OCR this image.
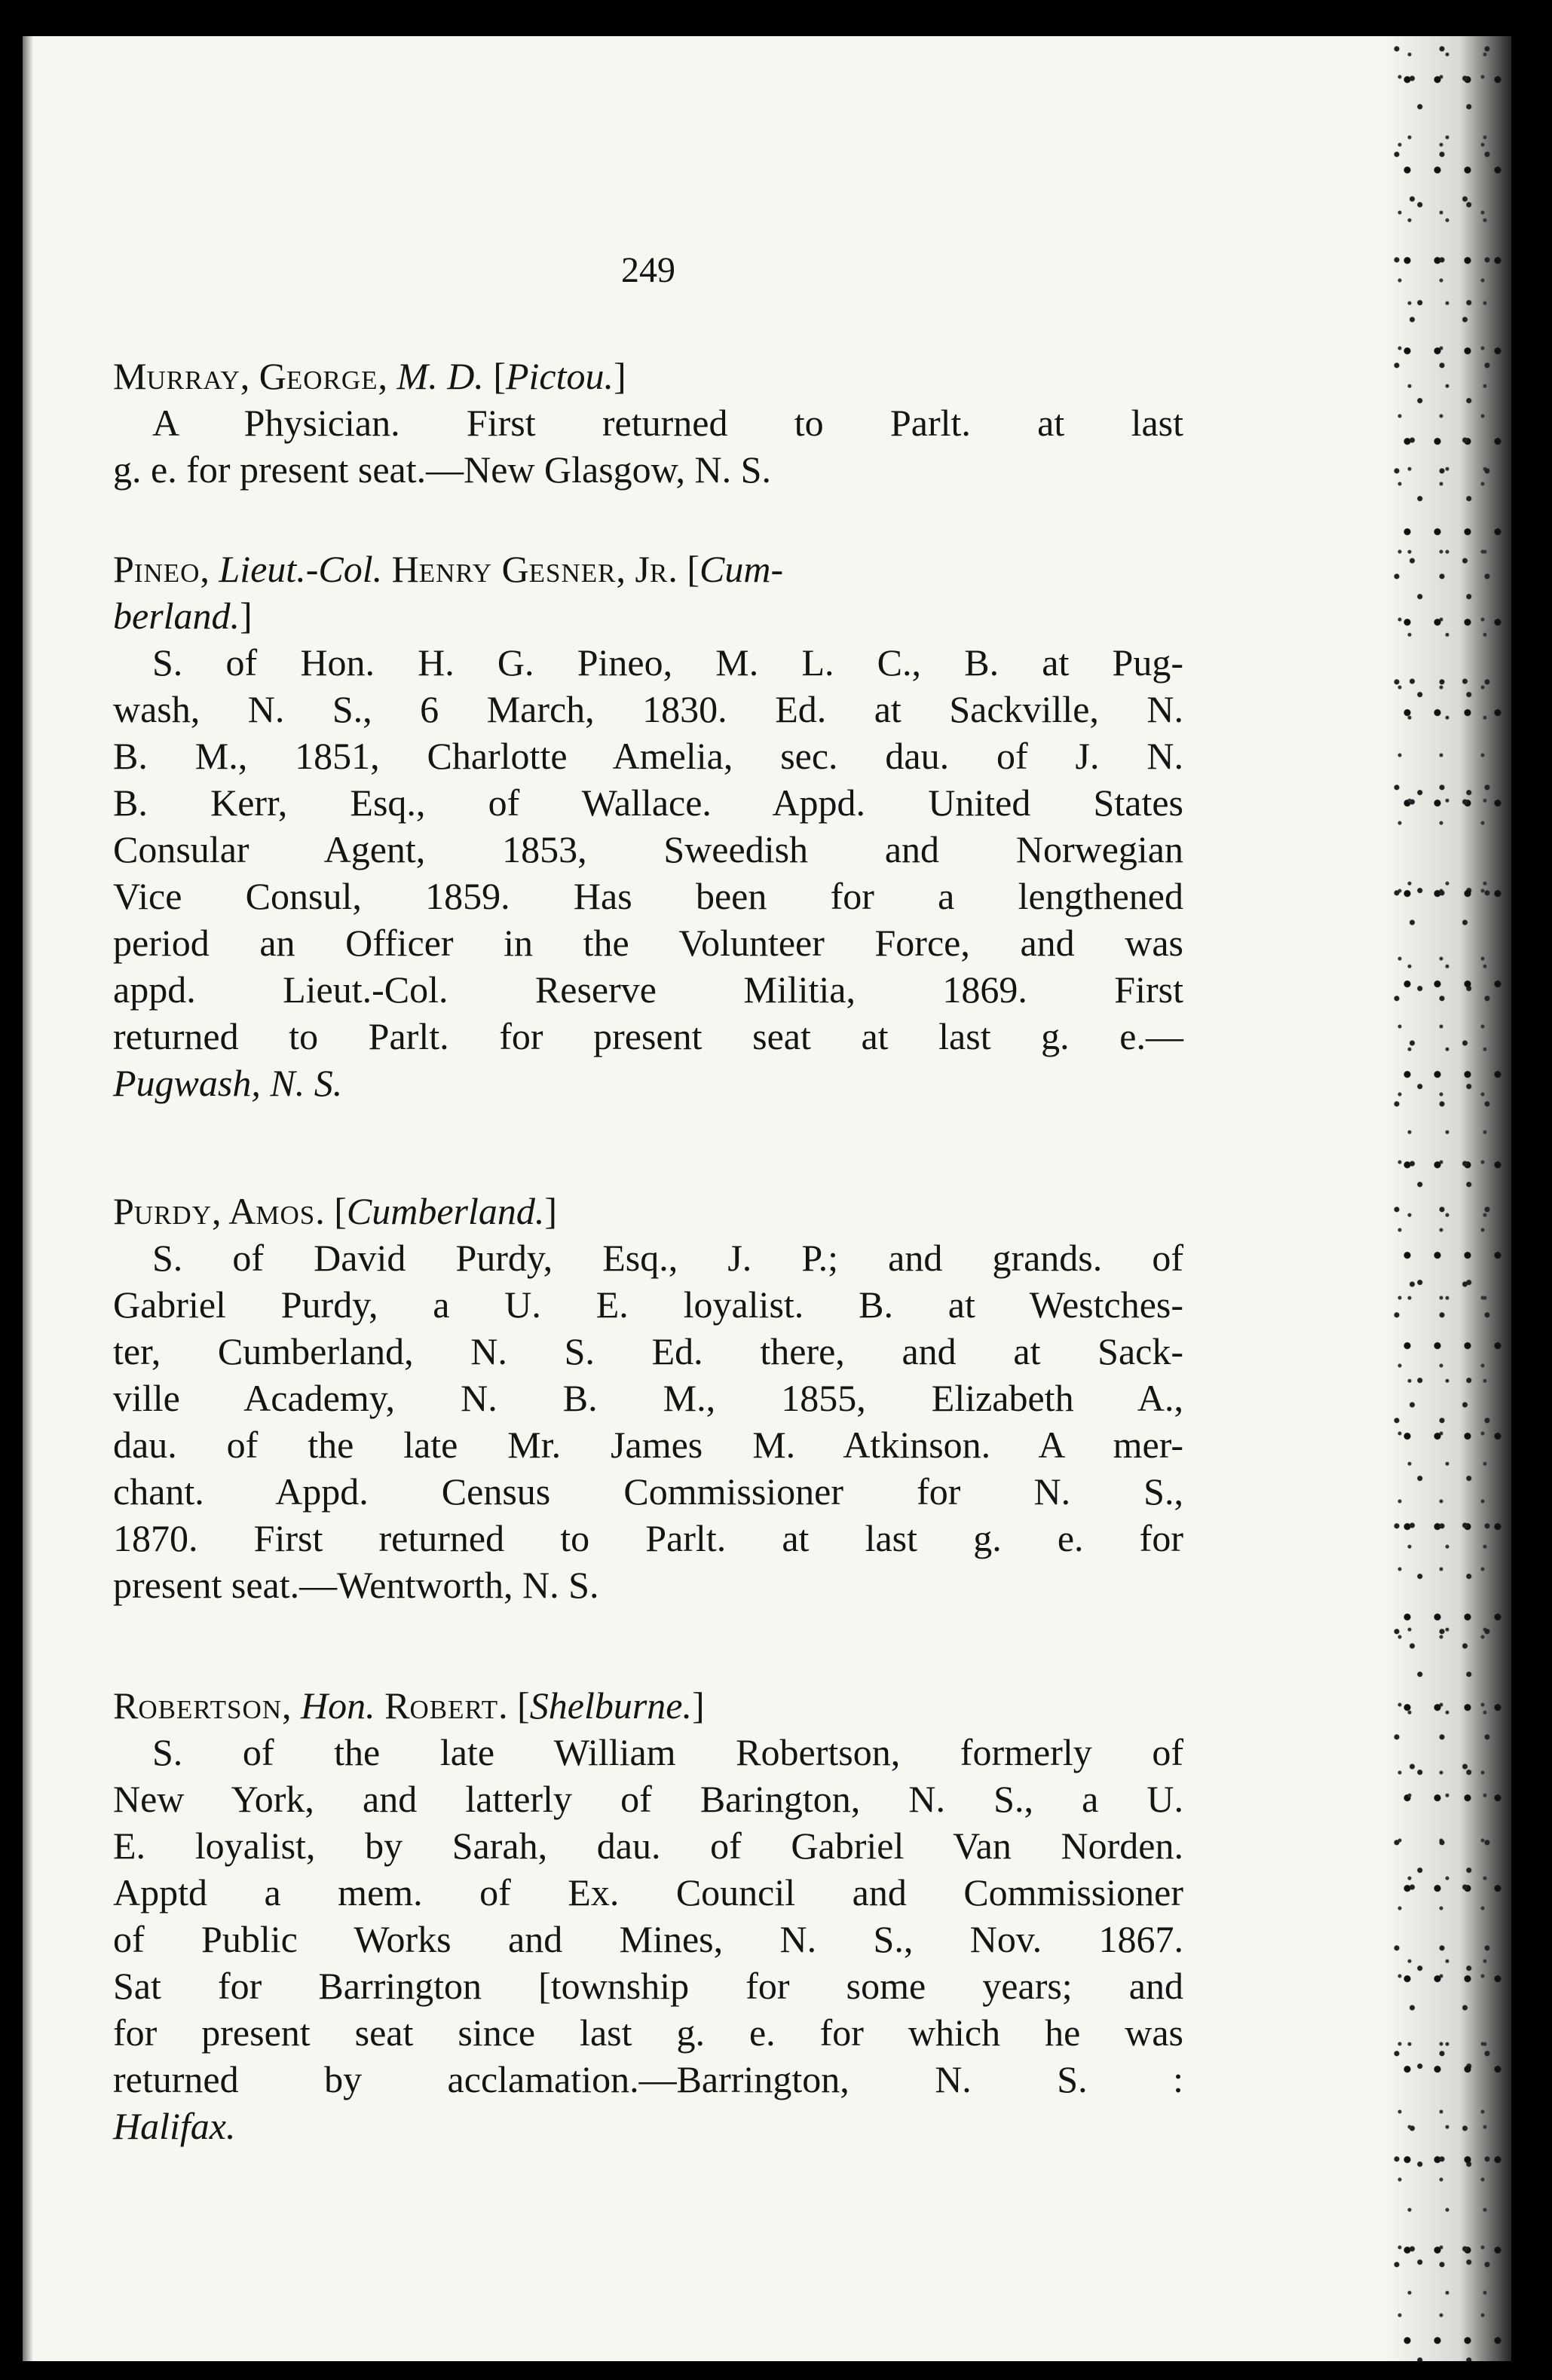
249
Murray, George, M. D. [Pictou.]
A Physician. First returned to Parlt. at last
g. e. for present seat.—New Glasgow, N. S.
Pineo, Lieut.-Col. Henry Gesner, Jr. [Cum-
berland.]
S. of Hon. H. G. Pineo, M. L. C., B. at Pug-
wash, N. S., 6 March, 1830. Ed. at Sackville, N.
B. M., 1851, Charlotte Amelia, sec. dau. of J. N.
B. Kerr, Esq., of Wallace. Appd. United States
Consular Agent, 1853, Sweedish and Norwegian
Vice Consul, 1859. Has been for a lengthened
period an Officer in the Volunteer Force, and was
appd. Lieut.-Col. Reserve Militia, 1869. First
returned to Parlt. for present seat at last g. e.—
Pugwash, N. S.
Purdy, Amos. [Cumberland.]
S. of David Purdy, Esq., J. P.; and grands. of
Gabriel Purdy, a U. E. loyalist. B. at Westches-
ter, Cumberland, N. S. Ed. there, and at Sack-
ville Academy, N. B. M., 1855, Elizabeth A.,
dau. of the late Mr. James M. Atkinson. A mer-
chant. Appd. Census Commissioner for N. S.,
1870. First returned to Parlt. at last g. e. for
present seat.—Wentworth, N. S.
Robertson, Hon. Robert. [Shelburne.]
S. of the late William Robertson, formerly of
New York, and latterly of Barington, N. S., a U.
E. loyalist, by Sarah, dau. of Gabriel Van Norden.
Apptd a mem. of Ex. Council and Commissioner
of Public Works and Mines, N. S., Nov. 1867.
Sat for Barrington [township for some years; and
for present seat since last g. e. for which he was
returned by acclamation.—Barrington, N. S. :
Halifax.
